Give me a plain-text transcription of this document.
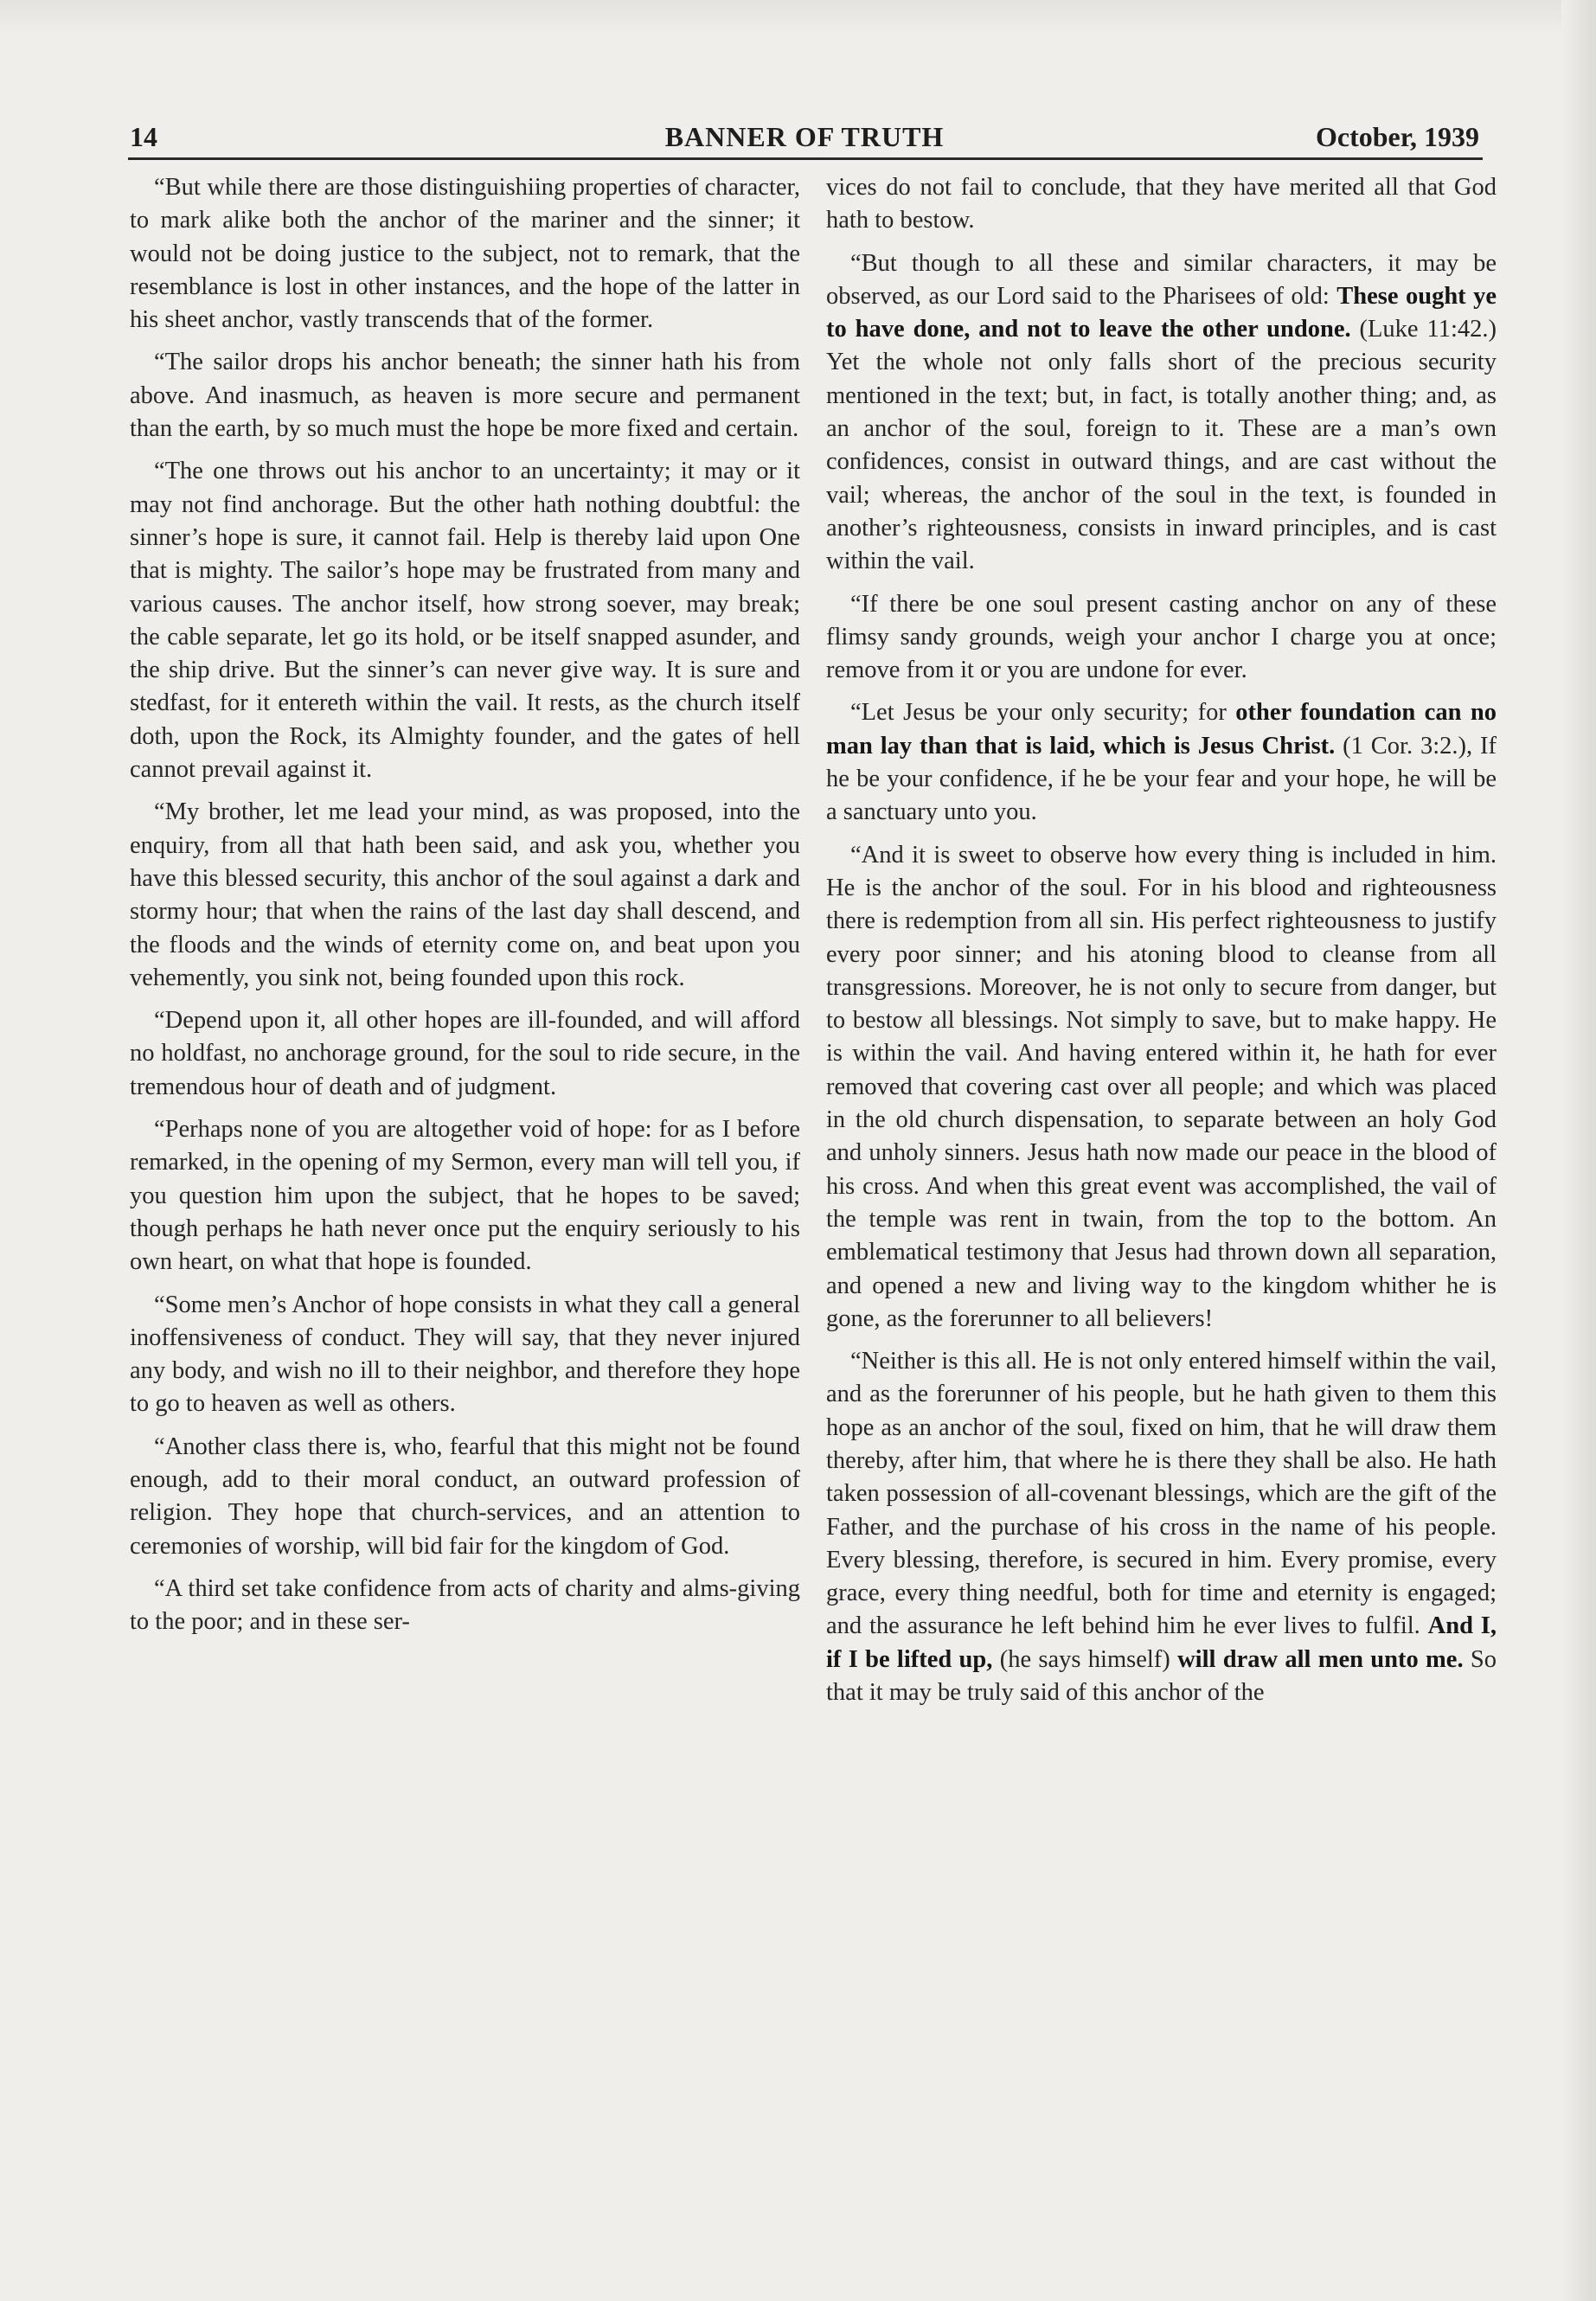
14	BANNER OF TRUTH	October, 1939

“But while there are those distinguishiing properties of character, to mark alike both the anchor of the mariner and the sinner; it would not be doing justice to the subject, not to remark, that the resemblance is lost in other instances, and the hope of the latter in his sheet anchor, vastly transcends that of the former.

“The sailor drops his anchor beneath; the sinner hath his from above. And inasmuch, as heaven is more secure and permanent than the earth, by so much must the hope be more fixed and certain.

“The one throws out his anchor to an uncertainty; it may or it may not find anchorage. But the other hath nothing doubtful: the sinner’s hope is sure, it cannot fail. Help is thereby laid upon One that is mighty. The sailor’s hope may be frustrated from many and various causes. The anchor itself, how strong soever, may break; the cable separate, let go its hold, or be itself snapped asunder, and the ship drive. But the sinner’s can never give way. It is sure and stedfast, for it entereth within the vail. It rests, as the church itself doth, upon the Rock, its Almighty founder, and the gates of hell cannot prevail against it.

“My brother, let me lead your mind, as was proposed, into the enquiry, from all that hath been said, and ask you, whether you have this blessed security, this anchor of the soul against a dark and stormy hour; that when the rains of the last day shall descend, and the floods and the winds of eternity come on, and beat upon you vehemently, you sink not, being founded upon this rock.

“Depend upon it, all other hopes are ill-founded, and will afford no holdfast, no anchorage ground, for the soul to ride secure, in the tremendous hour of death and of judgment.

“Perhaps none of you are altogether void of hope: for as I before remarked, in the opening of my Sermon, every man will tell you, if you question him upon the subject, that he hopes to be saved; though perhaps he hath never once put the enquiry seriously to his own heart, on what that hope is founded.

“Some men’s Anchor of hope consists in what they call a general inoffensiveness of conduct. They will say, that they never injured any body, and wish no ill to their neighbor, and therefore they hope to go to heaven as well as others.

“Another class there is, who, fearful that this might not be found enough, add to their moral conduct, an outward profession of religion. They hope that church-services, and an attention to ceremonies of worship, will bid fair for the kingdom of God.

“A third set take confidence from acts of charity and alms-giving to the poor; and in these ser-

vices do not fail to conclude, that they have merited all that God hath to bestow.

“But though to all these and similar characters, it may be observed, as our Lord said to the Pharisees of old: These ought ye to have done, and not to leave the other undone. (Luke 11:42.) Yet the whole not only falls short of the precious security mentioned in the text; but, in fact, is totally another thing; and, as an anchor of the soul, foreign to it. These are a man’s own confidences, consist in outward things, and are cast without the vail; whereas, the anchor of the soul in the text, is founded in another’s righteousness, consists in inward principles, and is cast within the vail.

“If there be one soul present casting anchor on any of these flimsy sandy grounds, weigh your anchor I charge you at once; remove from it or you are undone for ever.

“Let Jesus be your only security; for other foundation can no man lay than that is laid, which is Jesus Christ. (1 Cor. 3:2.), If he be your confidence, if he be your fear and your hope, he will be a sanctuary unto you.

“And it is sweet to observe how every thing is included in him. He is the anchor of the soul. For in his blood and righteousness there is redemption from all sin. His perfect righteousness to justify every poor sinner; and his atoning blood to cleanse from all transgressions. Moreover, he is not only to secure from danger, but to bestow all blessings. Not simply to save, but to make happy. He is within the vail. And having entered within it, he hath for ever removed that covering cast over all people; and which was placed in the old church dispensation, to separate between an holy God and unholy sinners. Jesus hath now made our peace in the blood of his cross. And when this great event was accomplished, the vail of the temple was rent in twain, from the top to the bottom. An emblematical testimony that Jesus had thrown down all separation, and opened a new and living way to the kingdom whither he is gone, as the forerunner to all believers!

“Neither is this all. He is not only entered himself within the vail, and as the forerunner of his people, but he hath given to them this hope as an anchor of the soul, fixed on him, that he will draw them thereby, after him, that where he is there they shall be also. He hath taken possession of all-covenant blessings, which are the gift of the Father, and the purchase of his cross in the name of his people. Every blessing, therefore, is secured in him. Every promise, every grace, every thing needful, both for time and eternity is engaged; and the assurance he left behind him he ever lives to fulfil. And I, if I be lifted up, (he says himself) will draw all men unto me. So that it may be truly said of this anchor of the
